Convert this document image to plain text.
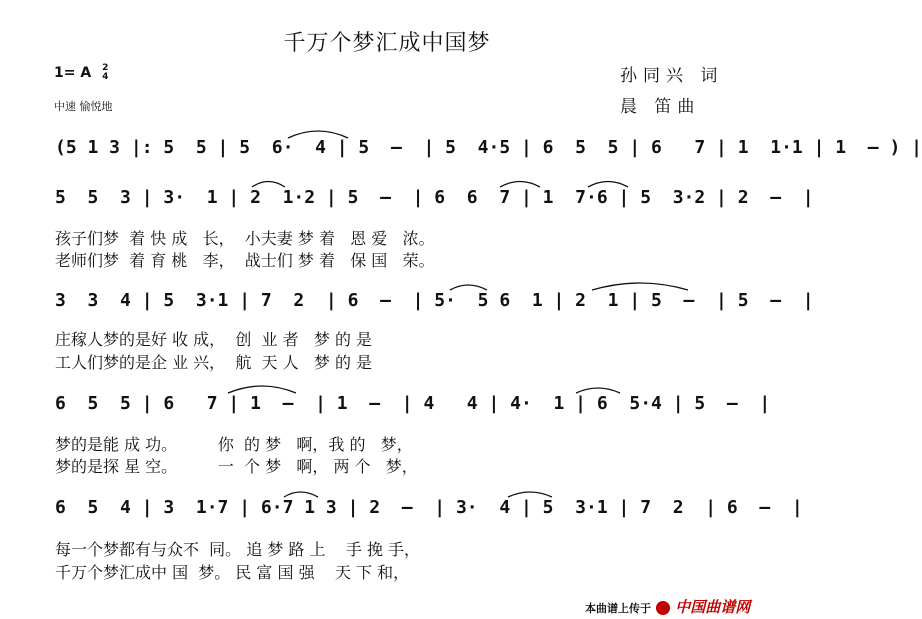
千万个梦汇成中国梦
1= A 2
4
中速 愉悦地
孙同兴 词
晨 笛曲
(5 1 3 |: 5  5 | 5  6·  4 | 5  —  | 5  4·5 | 6  5  5 | 6   7 | 1  1·1 | 1  — ) |
5  5  3 | 3·  1 | 2  1·2 | 5  —  | 6  6  7 | 1  7·6 | 5  3·2 | 2  —  |
孩子们梦  着 快 成   长，  小夫妻 梦 着   恩 爱   浓。
老师们梦  着 育 桃   李，  战士们 梦 着   保 国   荣。
3  3  4 | 5  3·1 | 7  2  | 6  —  | 5·  5 6  1 | 2  1 | 5  —  | 5  —  |
庄稼人梦的是好 收 成，  创  业 者   梦 的 是
工人们梦的是企 业 兴，  航  天 人   梦 的 是
6  5  5 | 6   7 | 1  —  | 1  —  | 4   4 | 4·  1 | 6  5·4 | 5  —  |
梦的是能 成 功。        你  的 梦   啊，我 的   梦，
梦的是探 星 空。        一  个 梦   啊， 两 个   梦，
6  5  4 | 3  1·7 | 6·7 1 3 | 2  —  | 3·  4 | 5  3·1 | 7  2  | 6  —  |
每一个梦都有与众不  同。 追 梦 路 上    手 挽 手，
千万个梦汇成中 国  梦。 民 富 国 强    天 下 和，
本曲谱上传于 中国曲谱网
